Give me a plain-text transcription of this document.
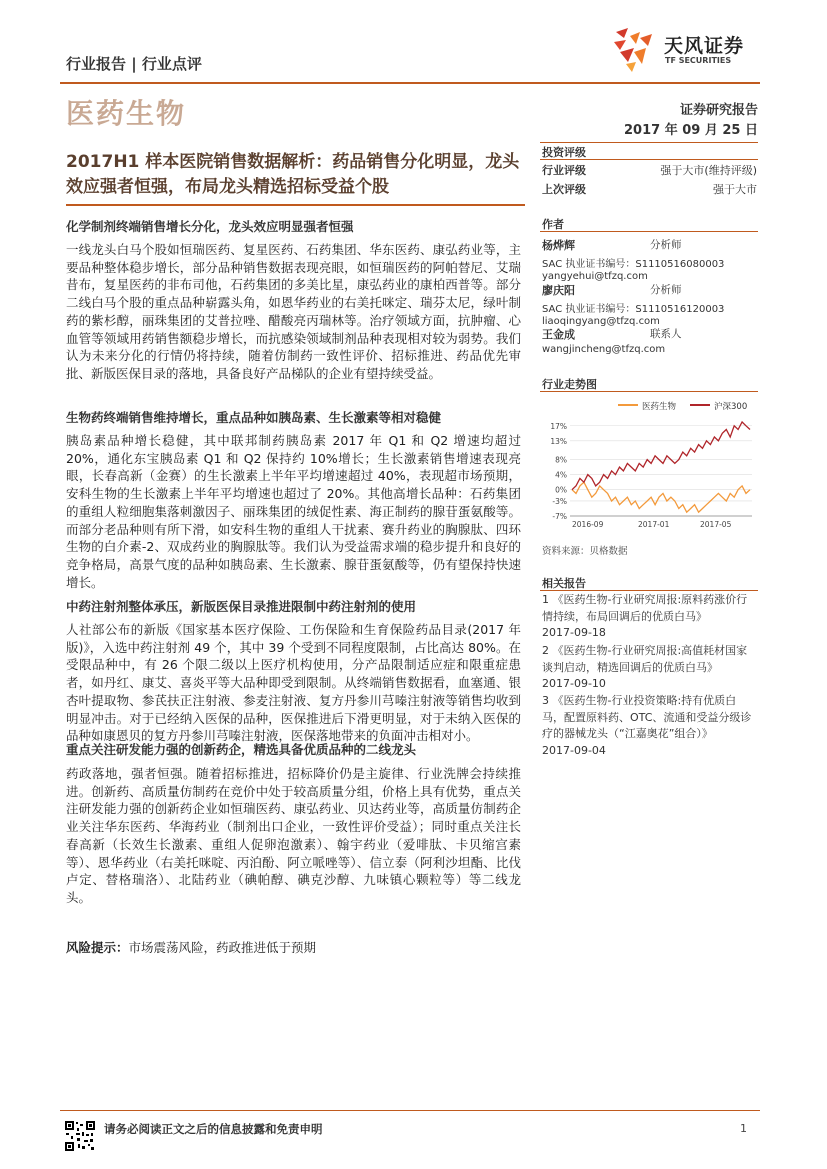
行业报告 | 行业点评
天风证券
TF SECURITIES
医药生物	证券研究报告
2017 年 09 月 25 日
2017H1 样本医院销售数据解析：药品销售分化明显，龙头效应强者恒强，布局龙头精选招标受益个股
化学制剂终端销售增长分化，龙头效应明显强者恒强
一线龙头白马个股如恒瑞医药、复星医药、石药集团、华东医药、康弘药业等，主要品种整体稳步增长，部分品种销售数据表现亮眼，如恒瑞医药的阿帕替尼、艾瑞昔布，复星医药的非布司他，石药集团的多美比星，康弘药业的康柏西普等。部分二线白马个股的重点品种崭露头角，如恩华药业的右美托咪定、瑞芬太尼，绿叶制药的紫杉醇，丽珠集团的艾普拉唑、醋酸亮丙瑞林等。治疗领域方面，抗肿瘤、心血管等领域用药销售额稳步增长，而抗感染领域制剂品种表现相对较为弱势。我们认为未来分化的行情仍将持续，随着仿制药一致性评价、招标推进、药品优先审批、新版医保目录的落地，具备良好产品梯队的企业有望持续受益。
生物药终端销售维持增长，重点品种如胰岛素、生长激素等相对稳健
胰岛素品种增长稳健，其中联邦制药胰岛素 2017 年 Q1 和 Q2 增速均超过 20%，通化东宝胰岛素 Q1 和 Q2 保持约 10%增长；生长激素销售增速表现亮眼，长春高新（金赛）的生长激素上半年平均增速超过 40%，表现超市场预期，安科生物的生长激素上半年平均增速也超过了 20%。其他高增长品种：石药集团的重组人粒细胞集落刺激因子、丽珠集团的绒促性素、海正制药的腺苷蛋氨酸等。而部分老品种则有所下滑，如安科生物的重组人干扰素、赛升药业的胸腺肽、四环生物的白介素-2、双成药业的胸腺肽等。我们认为受益需求端的稳步提升和良好的竞争格局，高景气度的品种如胰岛素、生长激素、腺苷蛋氨酸等，仍有望保持快速增长。
中药注射剂整体承压，新版医保目录推进限制中药注射剂的使用
人社部公布的新版《国家基本医疗保险、工伤保险和生育保险药品目录(2017 年版)》，入选中药注射剂 49 个，其中 39 个受到不同程度限制，占比高达 80%。在受限品种中，有 26 个限二级以上医疗机构使用，分产品限制适应症和限重症患者，如丹红、康艾、喜炎平等大品种即受到限制。从终端销售数据看，血塞通、银杏叶提取物、参芪扶正注射液、参麦注射液、复方丹参川芎嗪注射液等销售均收到明显冲击。对于已经纳入医保的品种，医保推进后下滑更明显，对于未纳入医保的品种如康恩贝的复方丹参川芎嗪注射液，医保落地带来的负面冲击相对小。
重点关注研发能力强的创新药企，精选具备优质品种的二线龙头
药政落地，强者恒强。随着招标推进，招标降价仍是主旋律、行业洗牌会持续推进。创新药、高质量仿制药在竞价中处于较高质量分组，价格上具有优势，重点关注研发能力强的创新药企业如恒瑞医药、康弘药业、贝达药业等，高质量仿制药企业关注华东医药、华海药业（制剂出口企业，一致性评价受益）；同时重点关注长春高新（长效生长激素、重组人促卵泡激素）、翰宇药业（爱啡肽、卡贝缩宫素等）、恩华药业（右美托咪啶、丙泊酚、阿立哌唑等）、信立泰（阿利沙坦酯、比伐卢定、替格瑞洛）、北陆药业（碘帕醇、碘克沙醇、九味镇心颗粒等）等二线龙头。
风险提示：市场震荡风险，药政推进低于预期
投资评级
行业评级	强于大市(维持评级)
上次评级	强于大市
作者
杨烨辉	分析师
SAC 执业证书编号：S1110516080003
yangyehui@tfzq.com
廖庆阳	分析师
SAC 执业证书编号：S1110516120003
liaoqingyang@tfzq.com
王金成	联系人
wangjincheng@tfzq.com
行业走势图
医药生物	沪深300
-7%
-3%
0%
4%
8%
13%
17%
2016-09	2017-01	2017-05
资料来源：贝格数据
相关报告
1 《医药生物-行业研究周报:原料药涨价行情持续，布局回调后的优质白马》
2017-09-18
2 《医药生物-行业研究周报:高值耗材国家谈判启动，精选回调后的优质白马》
2017-09-10
3 《医药生物-行业投资策略:持有优质白马，配置原料药、OTC、流通和受益分级诊疗的器械龙头（“江嘉奥花”组合）》
2017-09-04
请务必阅读正文之后的信息披露和免责申明	1
